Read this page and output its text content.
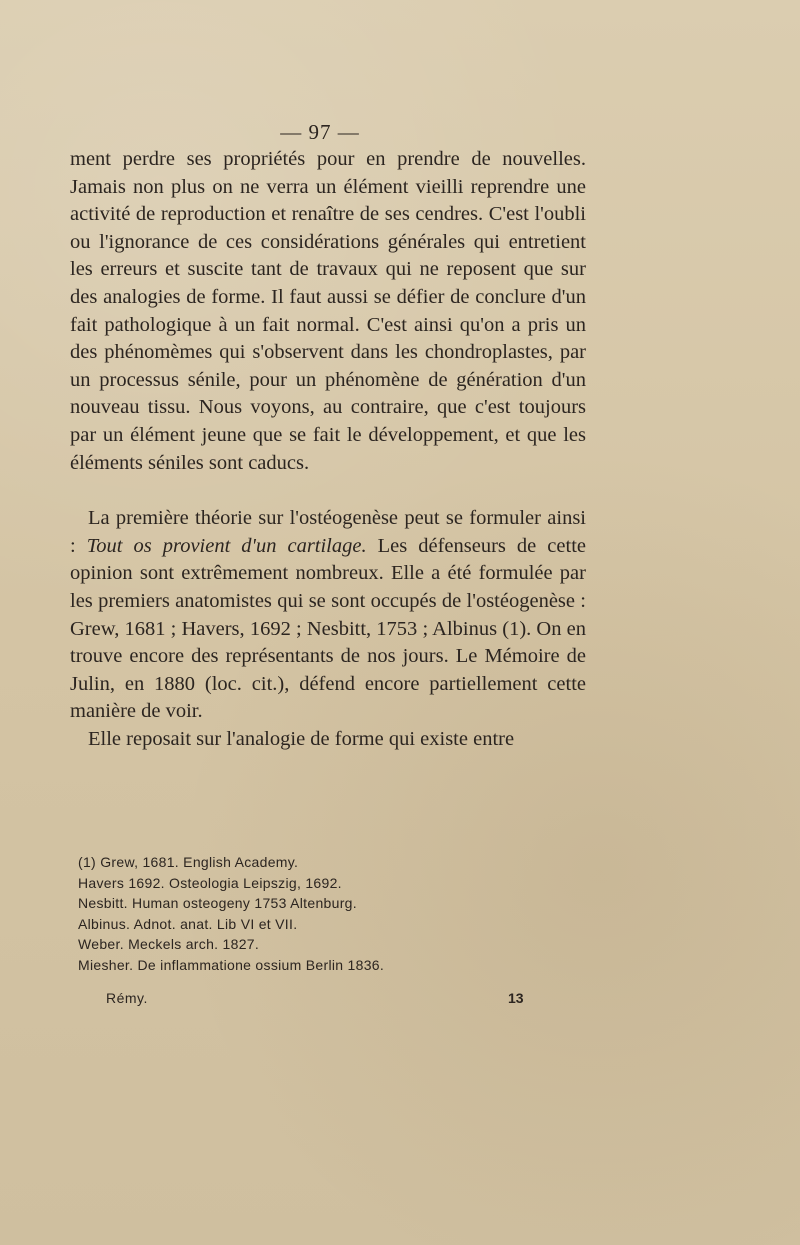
— 97 —

ment perdre ses propriétés pour en prendre de nouvelles. Jamais non plus on ne verra un élément vieilli reprendre une activité de reproduction et renaître de ses cendres. C'est l'oubli ou l'ignorance de ces considérations générales qui entretient les erreurs et suscite tant de travaux qui ne reposent que sur des analogies de forme. Il faut aussi se défier de conclure d'un fait pathologique à un fait normal. C'est ainsi qu'on a pris un des phénomèmes qui s'observent dans les chondroplastes, par un processus sénile, pour un phénomène de génération d'un nouveau tissu. Nous voyons, au contraire, que c'est toujours par un élément jeune que se fait le développement, et que les éléments séniles sont caducs.

La première théorie sur l'ostéogenèse peut se formuler ainsi : Tout os provient d'un cartilage. Les défenseurs de cette opinion sont extrêmement nombreux. Elle a été formulée par les premiers anatomistes qui se sont occupés de l'ostéogenèse : Grew, 1681 ; Havers, 1692 ; Nesbitt, 1753 ; Albinus (1). On en trouve encore des représentants de nos jours. Le Mémoire de Julin, en 1880 (loc. cit.), défend encore partiellement cette manière de voir.

Elle reposait sur l'analogie de forme qui existe entre

(1) Grew, 1681. English Academy.

Havers 1692. Osteologia Leipszig, 1692.

Nesbitt. Human osteogeny 1753 Altenburg.

Albinus. Adnot. anat. Lib VI et VII.

Weber. Meckels arch. 1827.

Miesher. De inflammatione ossium Berlin 1836.

Rémy.	13
